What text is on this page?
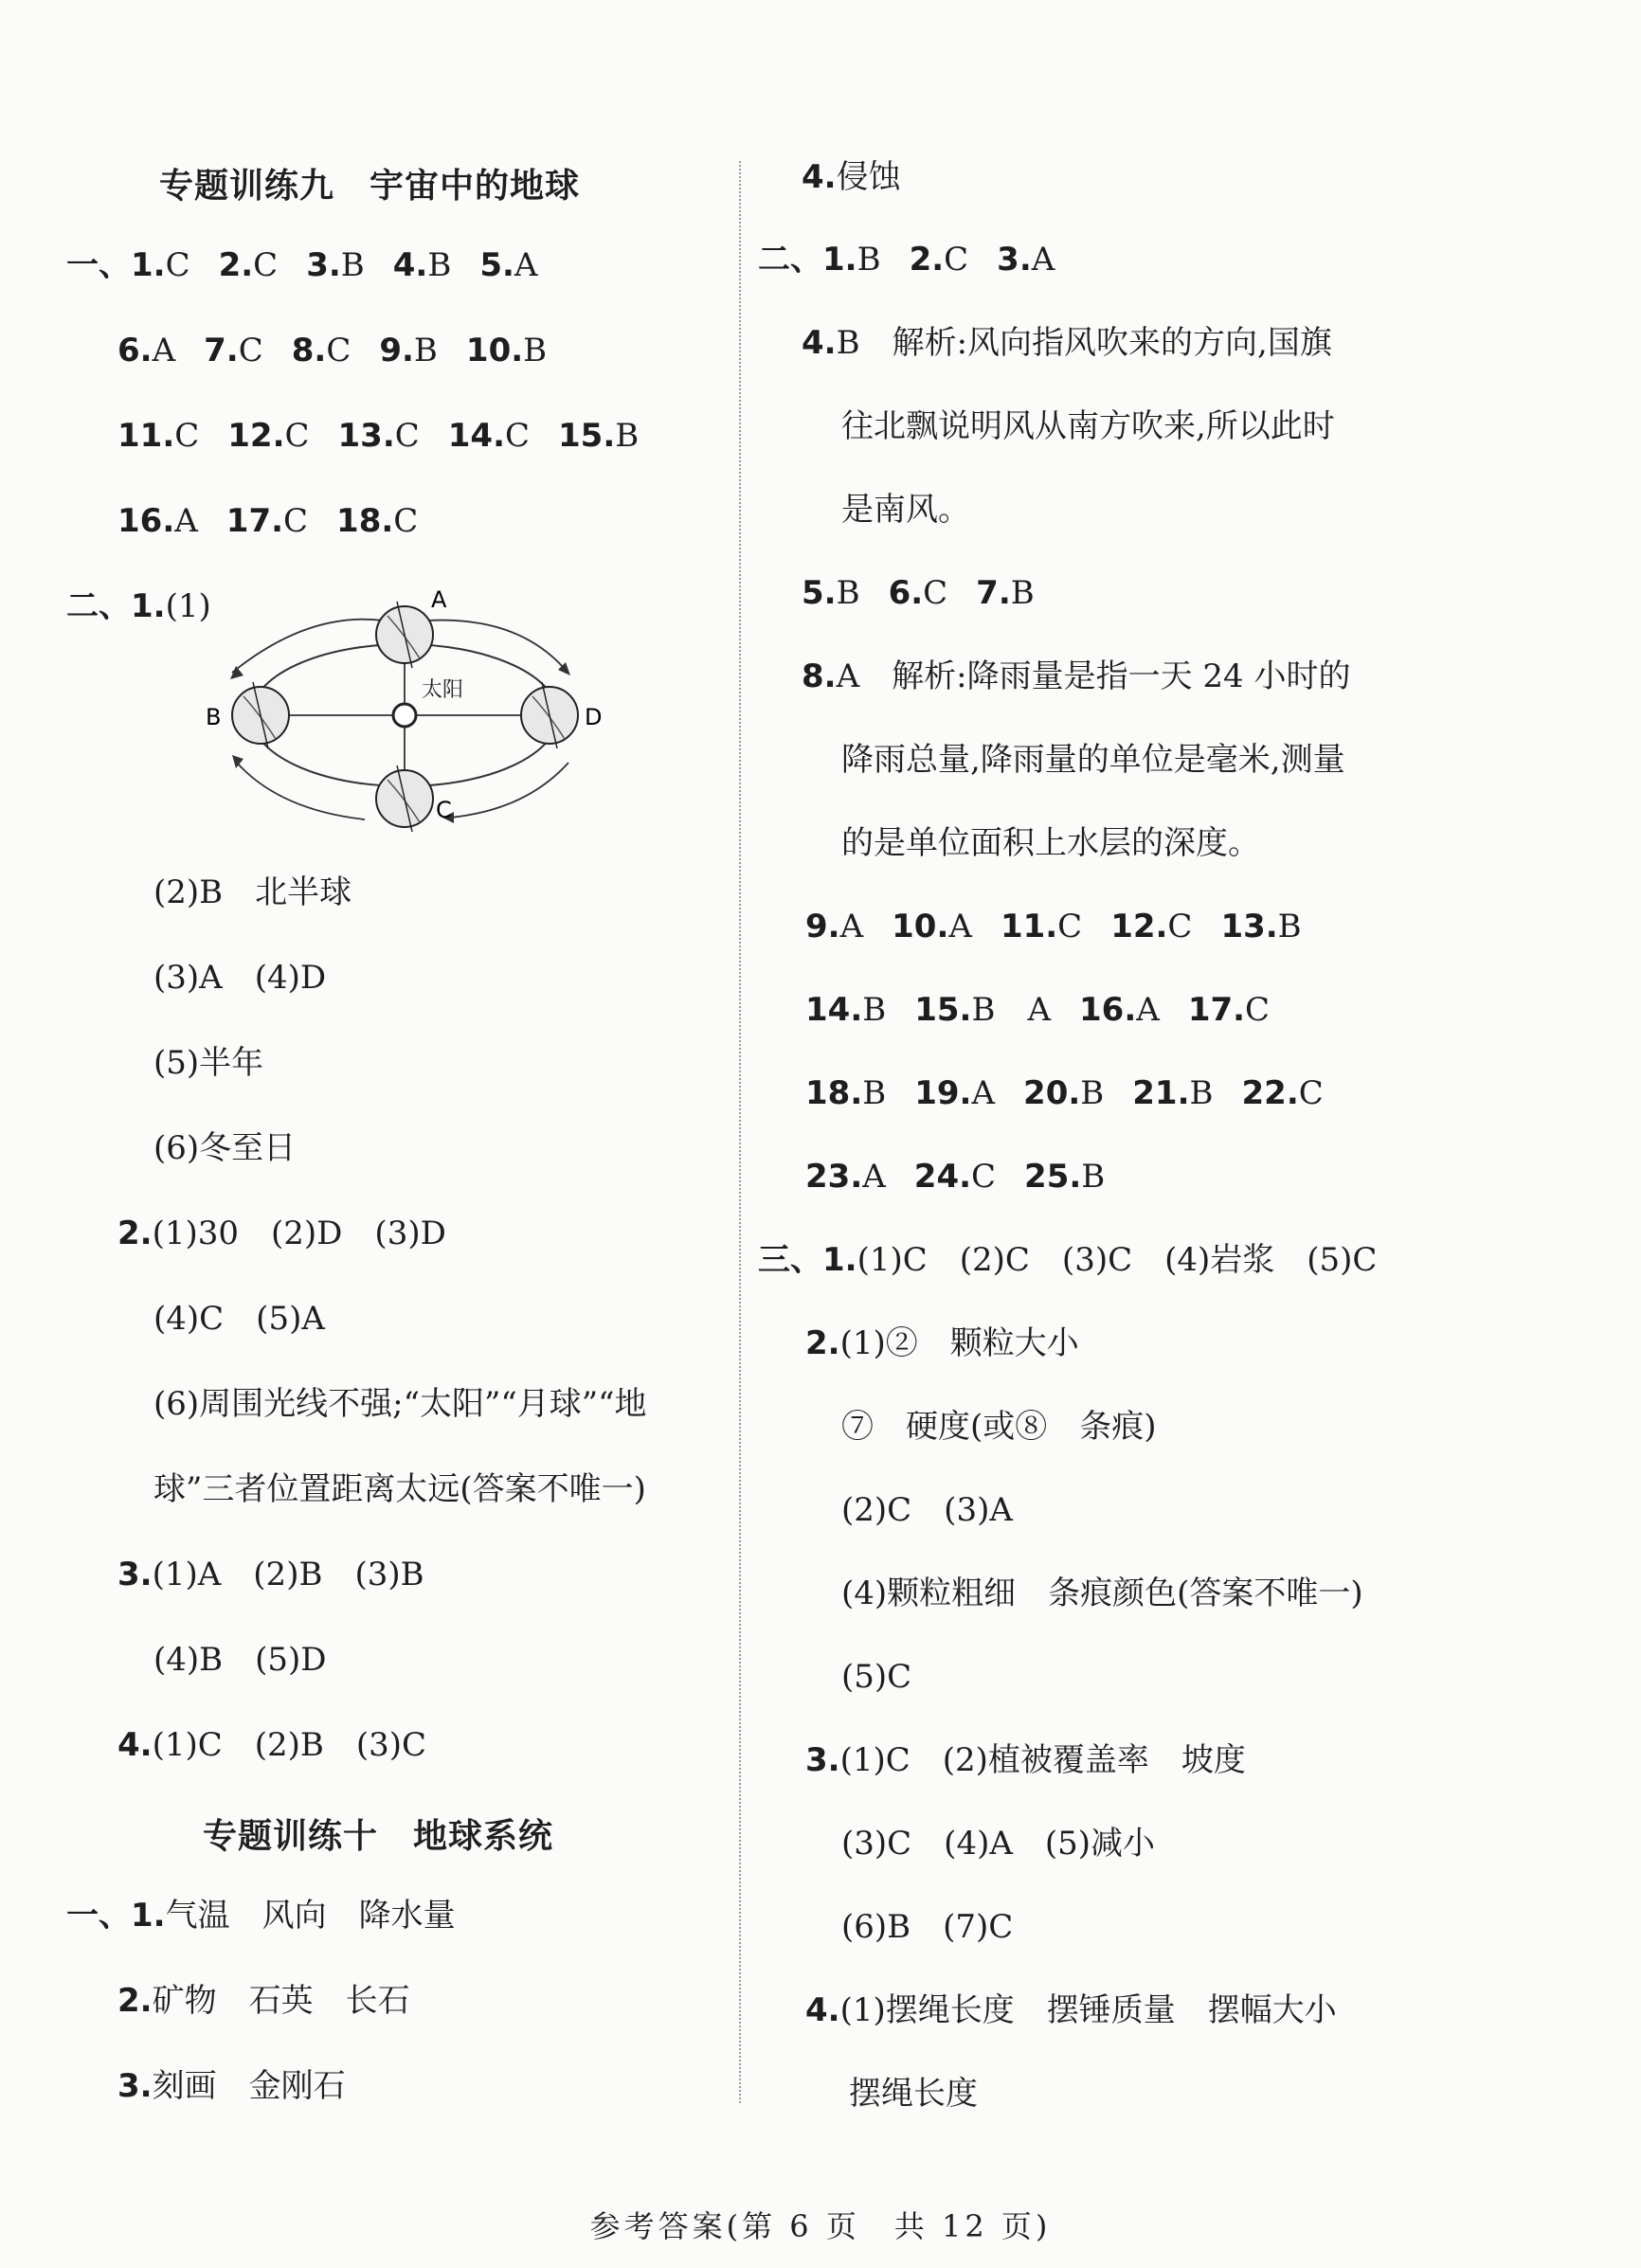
专题训练九　宇宙中的地球
一、1.C 2.C 3.B 4.B 5.A
6.A 7.C 8.C 9.B 10.B
11.C 12.C 13.C 14.C 15.B
16.A 17.C 18.C
二、1.(1)
太阳
A
B
C
D
(2)B　北半球
(3)A　(4)D
(5)半年
(6)冬至日
2.(1)30　(2)D　(3)D
(4)C　(5)A
(6)周围光线不强;“太阳”“月球”“地
球”三者位置距离太远(答案不唯一)
3.(1)A　(2)B　(3)B
(4)B　(5)D
4.(1)C　(2)B　(3)C
专题训练十　地球系统
一、1.气温　风向　降水量
2.矿物　石英　长石
3.刻画　金刚石
4.侵蚀
二、1.B 2.C 3.A
4.B　解析:风向指风吹来的方向,国旗
往北飘说明风从南方吹来,所以此时
是南风。
5.B 6.C 7.B
8.A　解析:降雨量是指一天 24 小时的
降雨总量,降雨量的单位是毫米,测量
的是单位面积上水层的深度。
9.A 10.A 11.C 12.C 13.B
14.B 15.B　A 16.A 17.C
18.B 19.A 20.B 21.B 22.C
23.A 24.C 25.B
三、1.(1)C　(2)C　(3)C　(4)岩浆　(5)C
2.(1)②　颗粒大小
⑦　硬度(或⑧　条痕)
(2)C　(3)A
(4)颗粒粗细　条痕颜色(答案不唯一)
(5)C
3.(1)C　(2)植被覆盖率　坡度
(3)C　(4)A　(5)减小
(6)B　(7)C
4.(1)摆绳长度　摆锤质量　摆幅大小
摆绳长度
参考答案(第 6 页　共 12 页)
